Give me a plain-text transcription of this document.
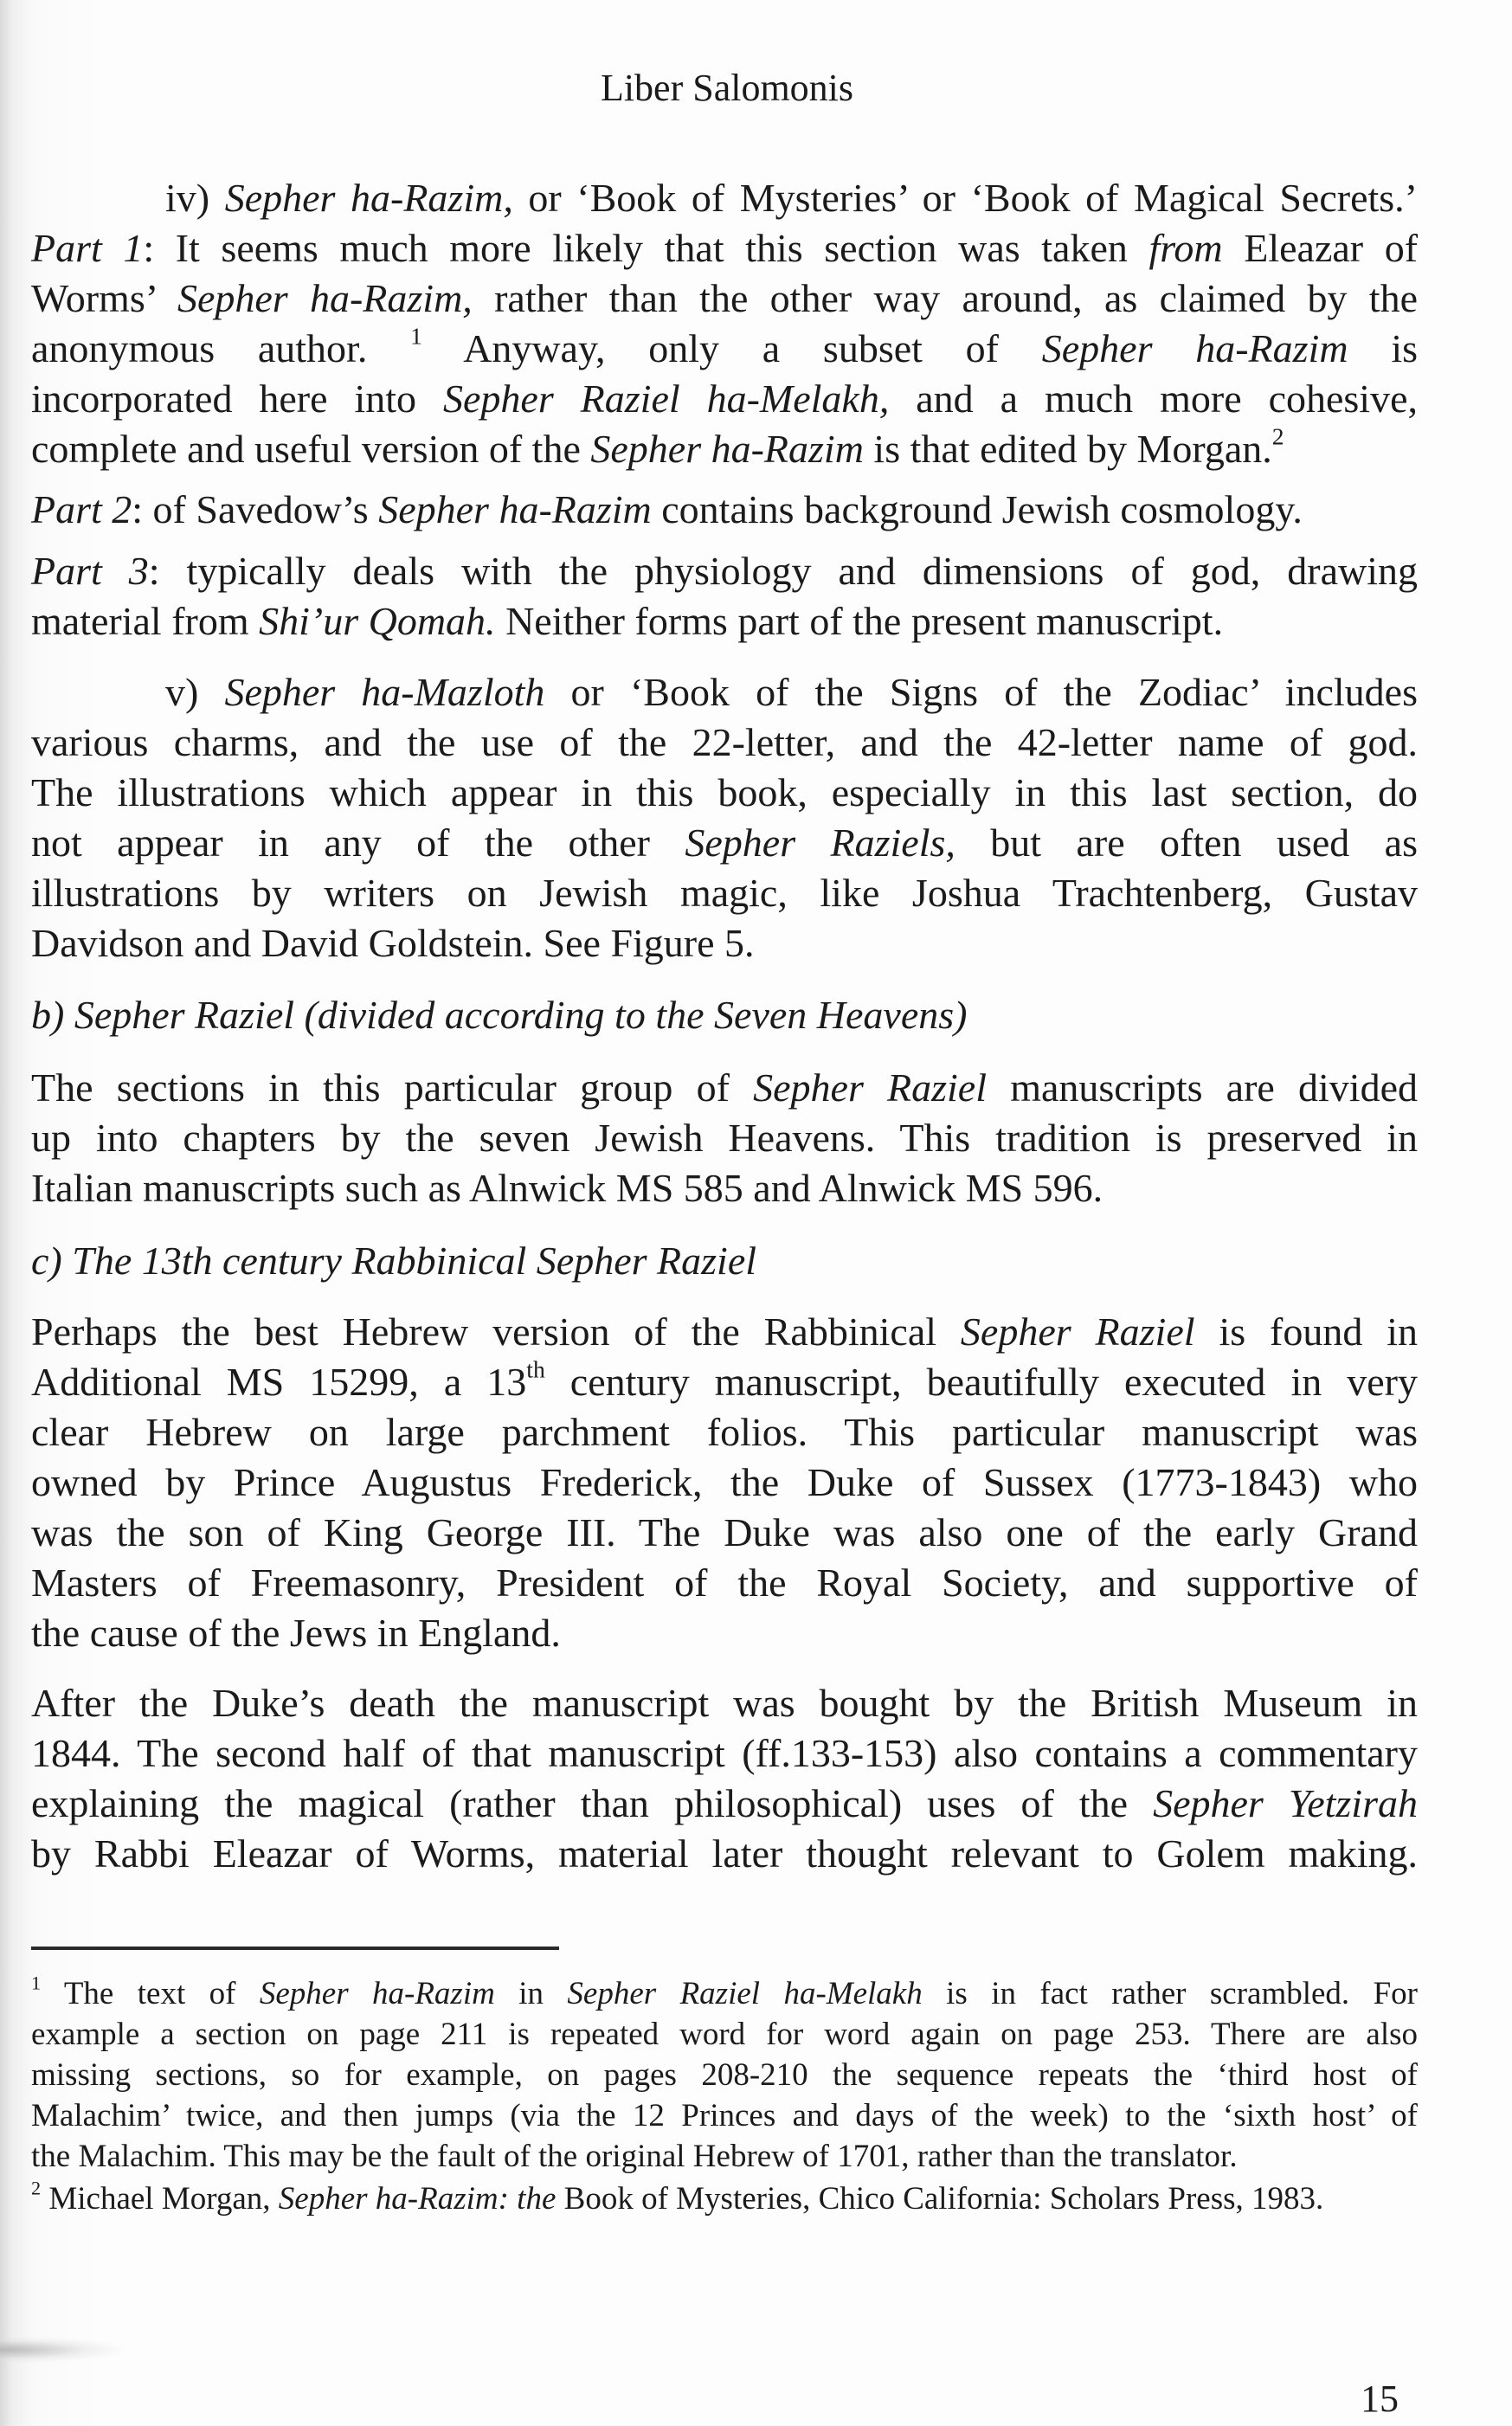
Liber Salomonis
iv) Sepher ha-Razim, or ‘Book of Mysteries’ or ‘Book of Magical Secrets.’
Part 1: It seems much more likely that this section was taken from Eleazar of
Worms’ Sepher ha-Razim, rather than the other way around, as claimed by the
anonymous author. $^1$ Anyway, only a subset of Sepher ha-Razim is
incorporated here into Sepher Raziel ha-Melakh, and a much more cohesive,
complete and useful version of the Sepher ha-Razim is that edited by Morgan.$^2$
Part 2: of Savedow’s Sepher ha-Razim contains background Jewish cosmology.
Part 3: typically deals with the physiology and dimensions of god, drawing
material from Shi’ur Qomah. Neither forms part of the present manuscript.
v) Sepher ha-Mazloth or ‘Book of the Signs of the Zodiac’ includes
various charms, and the use of the 22-letter, and the 42-letter name of god.
The illustrations which appear in this book, especially in this last section, do
not appear in any of the other Sepher Raziels, but are often used as
illustrations by writers on Jewish magic, like Joshua Trachtenberg, Gustav
Davidson and David Goldstein. See Figure 5.
b) Sepher Raziel (divided according to the Seven Heavens)
The sections in this particular group of Sepher Raziel manuscripts are divided
up into chapters by the seven Jewish Heavens. This tradition is preserved in
Italian manuscripts such as Alnwick MS 585 and Alnwick MS 596.
c) The 13th century Rabbinical Sepher Raziel
Perhaps the best Hebrew version of the Rabbinical Sepher Raziel is found in
Additional MS 15299, a 13th century manuscript, beautifully executed in very
clear Hebrew on large parchment folios. This particular manuscript was
owned by Prince Augustus Frederick, the Duke of Sussex (1773-1843) who
was the son of King George III. The Duke was also one of the early Grand
Masters of Freemasonry, President of the Royal Society, and supportive of
the cause of the Jews in England.
After the Duke’s death the manuscript was bought by the British Museum in
1844. The second half of that manuscript (ff.133-153) also contains a commentary
explaining the magical (rather than philosophical) uses of the Sepher Yetzirah
by Rabbi Eleazar of Worms, material later thought relevant to Golem making.
$^1$ The text of Sepher ha-Razim in Sepher Raziel ha-Melakh is in fact rather scrambled. For
example a section on page 211 is repeated word for word again on page 253. There are also
missing sections, so for example, on pages 208-210 the sequence repeats the ‘third host of
Malachim’ twice, and then jumps (via the 12 Princes and days of the week) to the ‘sixth host’ of
the Malachim. This may be the fault of the original Hebrew of 1701, rather than the translator.
$^2$ Michael Morgan, Sepher ha-Razim: the Book of Mysteries, Chico California: Scholars Press, 1983.
15
